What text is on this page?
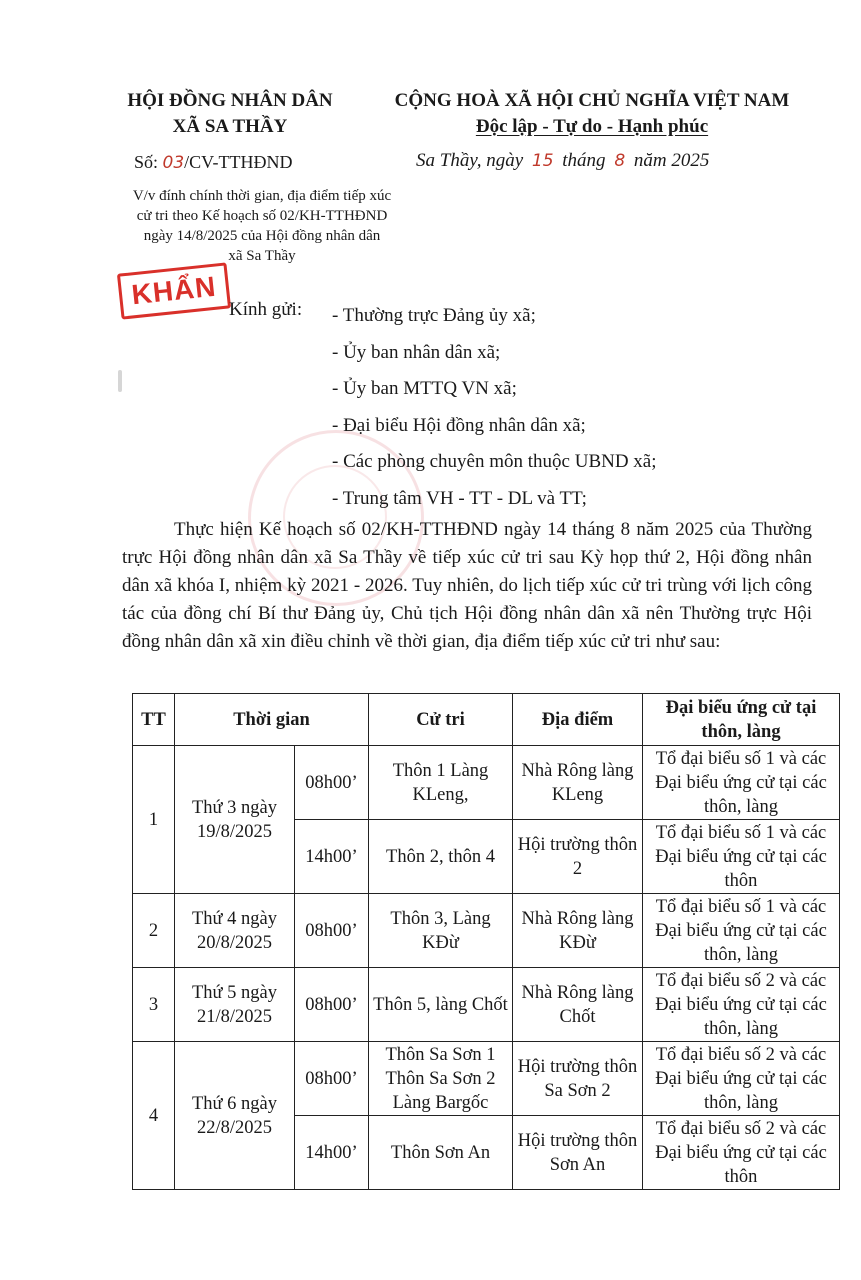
HỘI ĐỒNG NHÂN DÂN
XÃ SA THẦY
CỘNG HOÀ XÃ HỘI CHỦ NGHĨA VIỆT NAM
Độc lập - Tự do - Hạnh phúc
Số: 03/CV-TTHĐND	Sa Thầy, ngày 15 tháng 8 năm 2025
V/v đính chính thời gian, địa điểm tiếp xúc
cử tri theo Kế hoạch số 02/KH-TTHĐND
ngày 14/8/2025 của Hội đồng nhân dân
xã Sa Thầy
KHẨN Kính gửi: - Thường trực Đảng ủy xã;
- Ủy ban nhân dân xã;
- Ủy ban MTTQ VN xã;
- Đại biểu Hội đồng nhân dân xã;
- Các phòng chuyên môn thuộc UBND xã;
- Trung tâm VH - TT - DL và TT;

Thực hiện Kế hoạch số 02/KH-TTHĐND ngày 14 tháng 8 năm 2025 của Thường trực Hội đồng nhân dân xã Sa Thầy về tiếp xúc cử tri sau Kỳ họp thứ 2, Hội đồng nhân dân xã khóa I, nhiệm kỳ 2021 - 2026. Tuy nhiên, do lịch tiếp xúc cử tri trùng với lịch công tác của đồng chí Bí thư Đảng ủy, Chủ tịch Hội đồng nhân dân xã nên Thường trực Hội đồng nhân dân xã xin điều chỉnh về thời gian, địa điểm tiếp xúc cử tri như sau:

TT	Thời gian		Cử tri	Địa điểm	Đại biểu ứng cử tại thôn, làng
1	Thứ 3 ngày 19/8/2025	08h00’	Thôn 1 Làng KLeng,	Nhà Rông làng KLeng	Tổ đại biểu số 1 và các Đại biểu ứng cử tại các thôn, làng
		14h00’	Thôn 2, thôn 4	Hội trường thôn 2	Tổ đại biểu số 1 và các Đại biểu ứng cử tại các thôn
2	Thứ 4 ngày 20/8/2025	08h00’	Thôn 3, Làng KĐừ	Nhà Rông làng KĐừ	Tổ đại biểu số 1 và các Đại biểu ứng cử tại các thôn, làng
3	Thứ 5 ngày 21/8/2025	08h00’	Thôn 5, làng Chốt	Nhà Rông làng Chốt	Tổ đại biểu số 2 và các Đại biểu ứng cử tại các thôn, làng
4	Thứ 6 ngày 22/8/2025	08h00’	Thôn Sa Sơn 1 Thôn Sa Sơn 2 Làng Bargốc	Hội trường thôn Sa Sơn 2	Tổ đại biểu số 2 và các Đại biểu ứng cử tại các thôn, làng
		14h00’	Thôn Sơn An	Hội trường thôn Sơn An	Tổ đại biểu số 2 và các Đại biểu ứng cử tại các thôn
